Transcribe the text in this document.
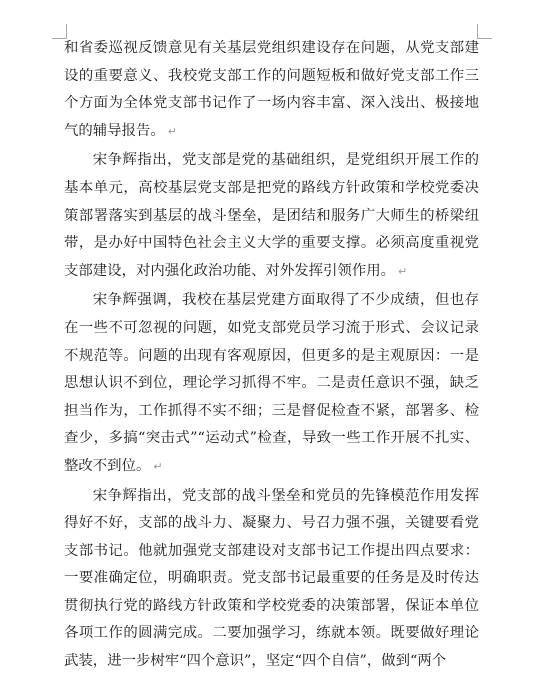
和省委巡视反馈意见有关基层党组织建设存在问题，从党支部建设的重要意义、我校党支部工作的问题短板和做好党支部工作三个方面为全体党支部书记作了一场内容丰富、深入浅出、极接地气的辅导报告。 ↵

宋争辉指出，党支部是党的基础组织，是党组织开展工作的基本单元，高校基层党支部是把党的路线方针政策和学校党委决策部署落实到基层的战斗堡垒，是团结和服务广大师生的桥梁纽带，是办好中国特色社会主义大学的重要支撑。必须高度重视党支部建设，对内强化政治功能、对外发挥引领作用。 ↵

宋争辉强调，我校在基层党建方面取得了不少成绩，但也存在一些不可忽视的问题，如党支部党员学习流于形式、会议记录不规范等。问题的出现有客观原因，但更多的是主观原因：一是思想认识不到位，理论学习抓得不牢。二是责任意识不强，缺乏担当作为，工作抓得不实不细；三是督促检查不紧，部署多、检查少，多搞“突击式”“运动式”检查，导致一些工作开展不扎实、整改不到位。 ↵

宋争辉指出，党支部的战斗堡垒和党员的先锋模范作用发挥得好不好，支部的战斗力、凝聚力、号召力强不强，关键要看党支部书记。他就加强党支部建设对支部书记工作提出四点要求：一要准确定位，明确职责。党支部书记最重要的任务是及时传达贯彻执行党的路线方针政策和学校党委的决策部署，保证本单位各项工作的圆满完成。二要加强学习，练就本领。既要做好理论武装，进一步树牢“四个意识”，坚定“四个自信”，做到“两个
